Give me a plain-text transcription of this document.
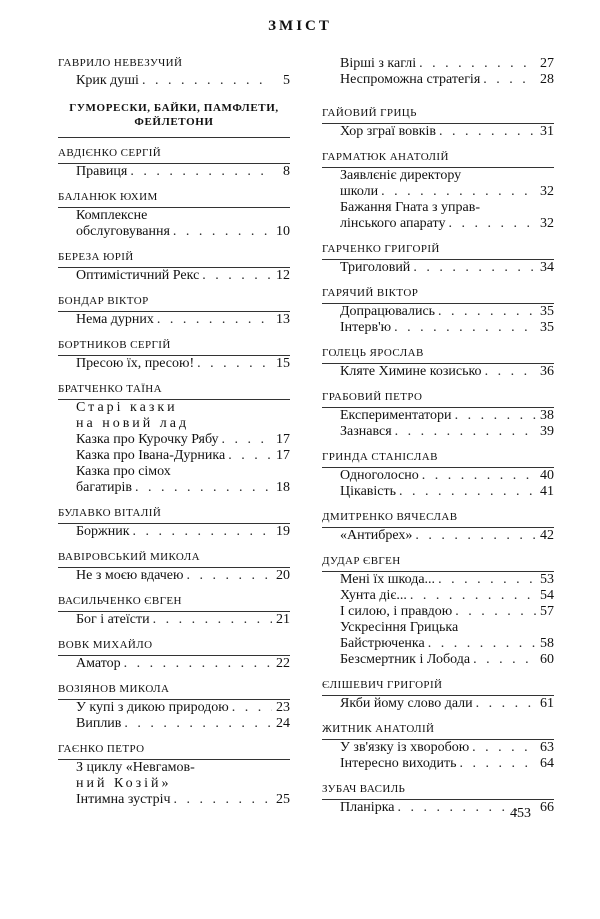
ЗМІСТ
ГАВРИЛО НЕВЕЗУЧИЙ
Крик душі . . .	5
ГУМОРЕСКИ, БАЙКИ, ПАМФЛЕТИ, ФЕЙЛЕТОНИ
АВДІЄНКО СЕРГІЙ
Правиця . . .	8
БАЛАНЮК ЮХИМ
Комплексне
обслуговування . . .	10
БЕРЕЗА ЮРІЙ
Оптимістичний Рекс . . .	12
БОНДАР ВІКТОР
Нема дурних . . .	13
БОРТНИКОВ СЕРГІЙ
Пресою їх, пресою! . . .	15
БРАТЧЕНКО ТАЇНА
Старі казки
на новий лад
Казка про Курочку Рябу . . .	17
Казка про Івана-Дурника . . .	17
Казка про сімох
багатирів . . .	18
БУЛАВКО ВІТАЛІЙ
Боржник . . .	19
ВАВІРОВСЬКИЙ МИКОЛА
Не з моєю вдачею . . .	20
ВАСИЛЬЧЕНКО ЄВГЕН
Бог і атеїсти . . .	21
ВОВК МИХАЙЛО
Аматор . . .	22
ВОЗІЯНОВ МИКОЛА
У купі з дикою природою . . .	23
Виплив . . .	24
ГАЄНКО ПЕТРО
З циклу «Невгамов-
ний Козій»
Інтимна зустріч . . .	25
Вірші з каглі . . .	27
Неспроможна стратегія . . .	28
ГАЙОВИЙ ГРИЦЬ
Хор зграї вовків . . .	31
ГАРМАТЮК АНАТОЛІЙ
Заявлєніє директору
школи . . .	32
Бажання Гната з управ-
лінського апарату . . .	32
ГАРЧЕНКО ГРИГОРІЙ
Триголовий . . .	34
ГАРЯЧИЙ ВІКТОР
Допрацювались . . .	35
Інтерв'ю . . .	35
ГОЛЕЦЬ ЯРОСЛАВ
Кляте Химине козисько . . .	36
ГРАБОВИЙ ПЕТРО
Експериментатори . . .	38
Зазнався . . .	39
ГРИНДА СТАНІСЛАВ
Одноголосно . . .	40
Цікавість . . .	41
ДМИТРЕНКО ВЯЧЕСЛАВ
«Антибрех» . . .	42
ДУДАР ЄВГЕН
Мені їх шкода... . . .	53
Хунта діє... . . .	54
І силою, і правдою . . .	57
Ускресіння Грицька
Байстрюченка . . .	58
Безсмертник і Лобода . . .	60
ЄЛІШЕВИЧ ГРИГОРІЙ
Якби йому слово дали . . .	61
ЖИТНИК АНАТОЛІЙ
У зв'язку із хворобою . . .	63
Інтересно виходить . . .	64
ЗУБАЧ ВАСИЛЬ
Планірка . . .	66
453
